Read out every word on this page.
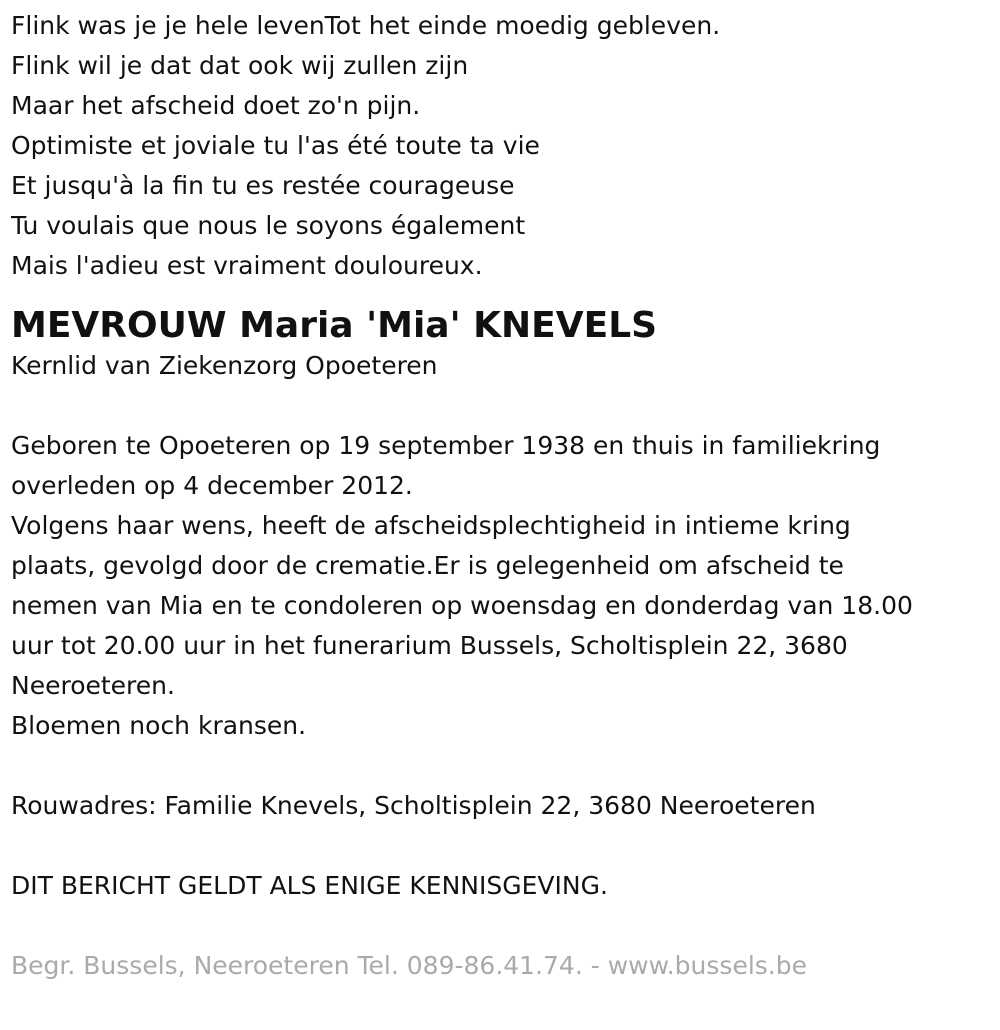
Flink was je je hele levenTot het einde moedig gebleven.
Flink wil je dat dat ook wij zullen zijn
Maar het afscheid doet zo'n pijn.
Optimiste et joviale tu l'as été toute ta vie
Et jusqu'à la fin tu es restée courageuse
Tu voulais que nous le soyons également
Mais l'adieu est vraiment douloureux.
MEVROUW Maria 'Mia' KNEVELS
Kernlid van Ziekenzorg Opoeteren
Geboren te Opoeteren op 19 september 1938 en thuis in familiekring
overleden op 4 december 2012.
Volgens haar wens, heeft de afscheidsplechtigheid in intieme kring
plaats, gevolgd door de crematie.Er is gelegenheid om afscheid te
nemen van Mia en te condoleren op woensdag en donderdag van 18.00
uur tot 20.00 uur in het funerarium Bussels, Scholtisplein 22, 3680
Neeroeteren.
Bloemen noch kransen.
Rouwadres: Familie Knevels, Scholtisplein 22, 3680 Neeroeteren
DIT BERICHT GELDT ALS ENIGE KENNISGEVING.
Begr. Bussels, Neeroeteren Tel. 089-86.41.74. - www.bussels.be
